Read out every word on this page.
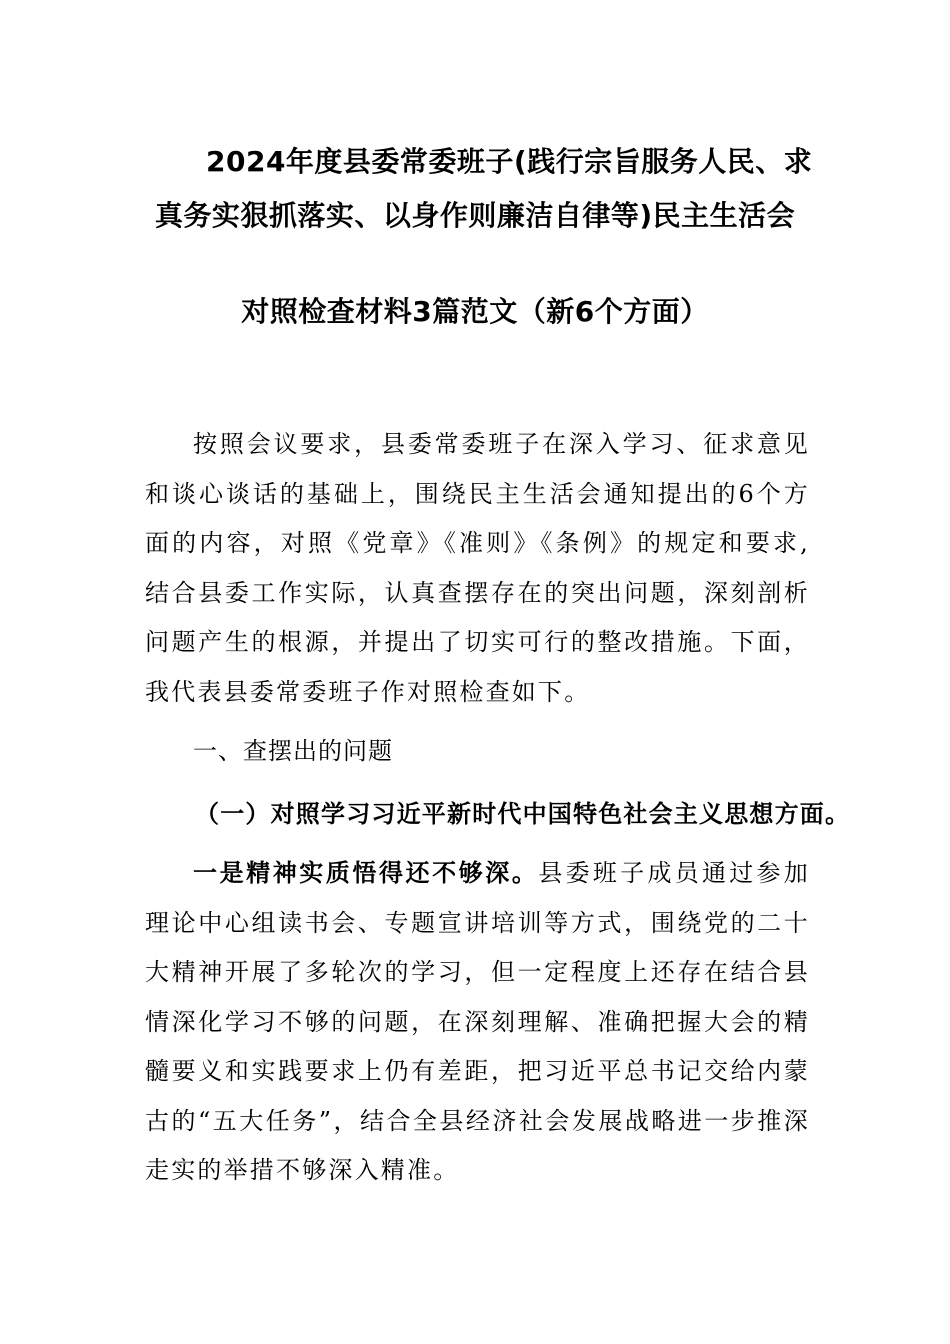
2024年度县委常委班子(践行宗旨服务人民、求
真务实狠抓落实、以身作则廉洁自律等)民主生活会
对照检查材料3篇范文（新6个方面）
按照会议要求，县委常委班子在深入学习、征求意见和谈心谈话的基础上，围绕民主生活会通知提出的6个方面的内容，对照《党章》《准则》《条例》的规定和要求,结合县委工作实际，认真查摆存在的突出问题，深刻剖析问题产生的根源，并提出了切实可行的整改措施。下面，我代表县委常委班子作对照检查如下。
一、查摆出的问题
（一）对照学习习近平新时代中国特色社会主义思想方面。
一是精神实质悟得还不够深。县委班子成员通过参加理论中心组读书会、专题宣讲培训等方式，围绕党的二十大精神开展了多轮次的学习，但一定程度上还存在结合县情深化学习不够的问题，在深刻理解、准确把握大会的精髓要义和实践要求上仍有差距，把习近平总书记交给内蒙古的“五大任务”，结合全县经济社会发展战略进一步推深走实的举措不够深入精准。
